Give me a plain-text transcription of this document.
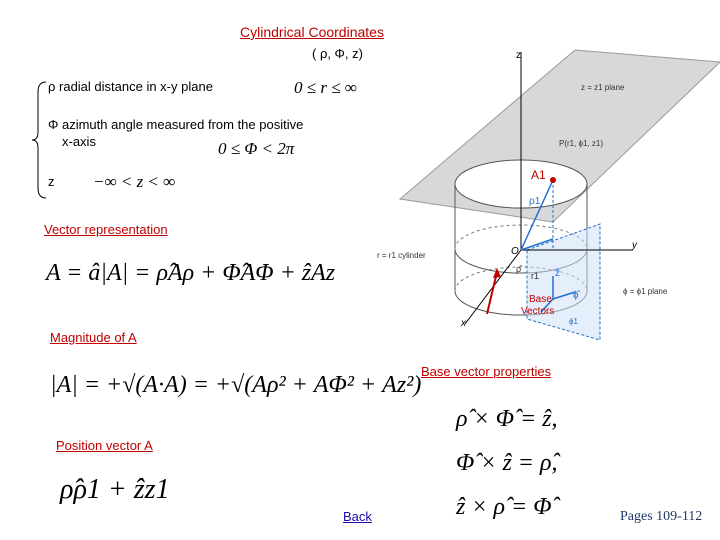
Cylindrical Coordinates
( ρ, Φ, z)
ρ radial distance in x-y plane	0 ≤ r ≤ ∞
Φ azimuth angle measured from the positive
x-axis	0 ≤ Φ < 2π
z −∞ < z < ∞
Vector representation
A = â|A| = ρ̂Aρ + Φ̂AΦ + ẑAz
Magnitude of A
|A| = +√(A·A) = +√(Aρ² + AΦ² + Az²)
Base vector properties
ρ̂ × Φ̂ = ẑ,
Φ̂ × ẑ = ρ̂,
ẑ × ρ̂ = Φ̂
Position vector A
ρ̂ρ1 + ẑz1
Back	Pages 109-112
z = z1 plane
z
y
x
O
A1
P(r1, ϕ1, z1)
ρ1
r1 ẑ
ϕ̂
ρ̂
Base
Vectors
r = r1 cylinder
ϕ = ϕ1 plane
ϕ1
